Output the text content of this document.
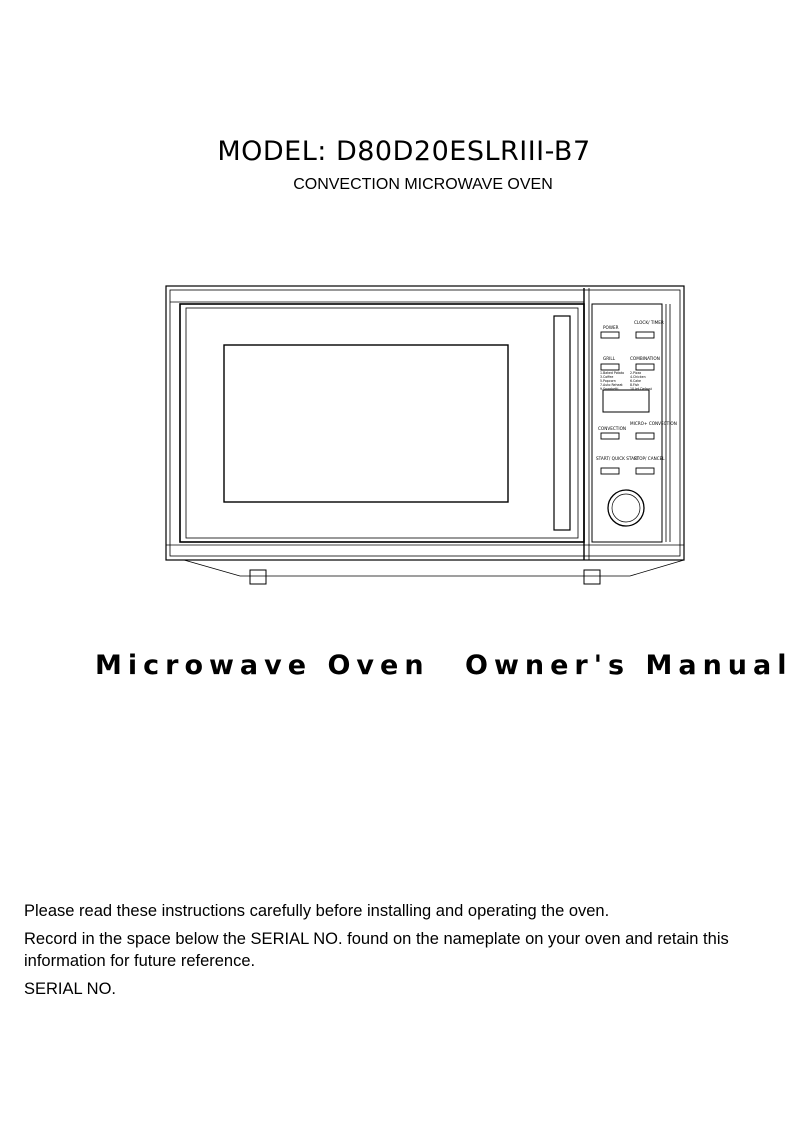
MODEL: D80D20ESLRIII-B7
CONVECTION MICROWAVE OVEN
POWER
CLOCK/ TIMER
GRILL	COMBINATION
CONVECTION
MICRO+ CONVECTION
START/ QUICK START
STOP/ CANCEL
1.Baked Potato 2.Pizza
3.Coffee	4.Chicken
5.Popcorn	6.Cake
7.Auto Reheat 8.Fish
9.Spaghetti	10.Jet Defrost
Microwave Oven Owner's Manual
Please read these instructions carefully before installing and operating the oven.
Record in the space below the SERIAL NO. found on the nameplate on your oven and retain this information for future reference.
SERIAL NO.
